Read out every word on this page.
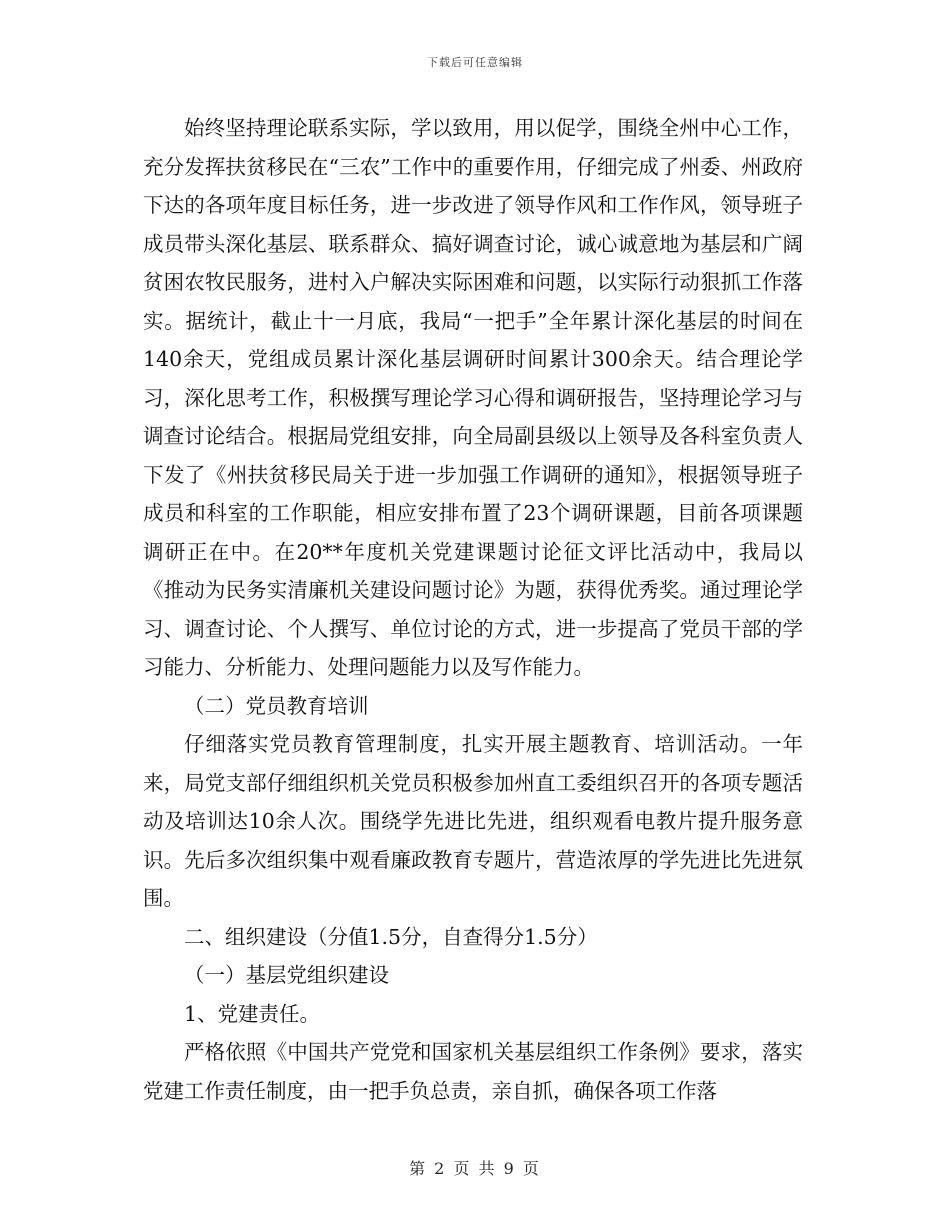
下载后可任意编辑

始终坚持理论联系实际，学以致用，用以促学，围绕全州中心工作，充分发挥扶贫移民在“三农”工作中的重要作用，仔细完成了州委、州政府下达的各项年度目标任务，进一步改进了领导作风和工作作风，领导班子成员带头深化基层、联系群众、搞好调查讨论，诚心诚意地为基层和广阔贫困农牧民服务，进村入户解决实际困难和问题，以实际行动狠抓工作落实。据统计，截止十一月底，我局“一把手”全年累计深化基层的时间在140余天，党组成员累计深化基层调研时间累计300余天。结合理论学习，深化思考工作，积极撰写理论学习心得和调研报告，坚持理论学习与调查讨论结合。根据局党组安排，向全局副县级以上领导及各科室负责人下发了《州扶贫移民局关于进一步加强工作调研的通知》，根据领导班子成员和科室的工作职能，相应安排布置了23个调研课题，目前各项课题调研正在中。在20**年度机关党建课题讨论征文评比活动中，我局以《推动为民务实清廉机关建设问题讨论》为题，获得优秀奖。通过理论学习、调查讨论、个人撰写、单位讨论的方式，进一步提高了党员干部的学习能力、分析能力、处理问题能力以及写作能力。

（二）党员教育培训

仔细落实党员教育管理制度，扎实开展主题教育、培训活动。一年来，局党支部仔细组织机关党员积极参加州直工委组织召开的各项专题活动及培训达10余人次。围绕学先进比先进，组织观看电教片提升服务意识。先后多次组织集中观看廉政教育专题片，营造浓厚的学先进比先进氛围。

二、组织建设（分值1.5分，自查得分1.5分）

（一）基层党组织建设

1、党建责任。

严格依照《中国共产党党和国家机关基层组织工作条例》要求，落实党建工作责任制度，由一把手负总责，亲自抓，确保各项工作落

第 2 页 共 9 页
